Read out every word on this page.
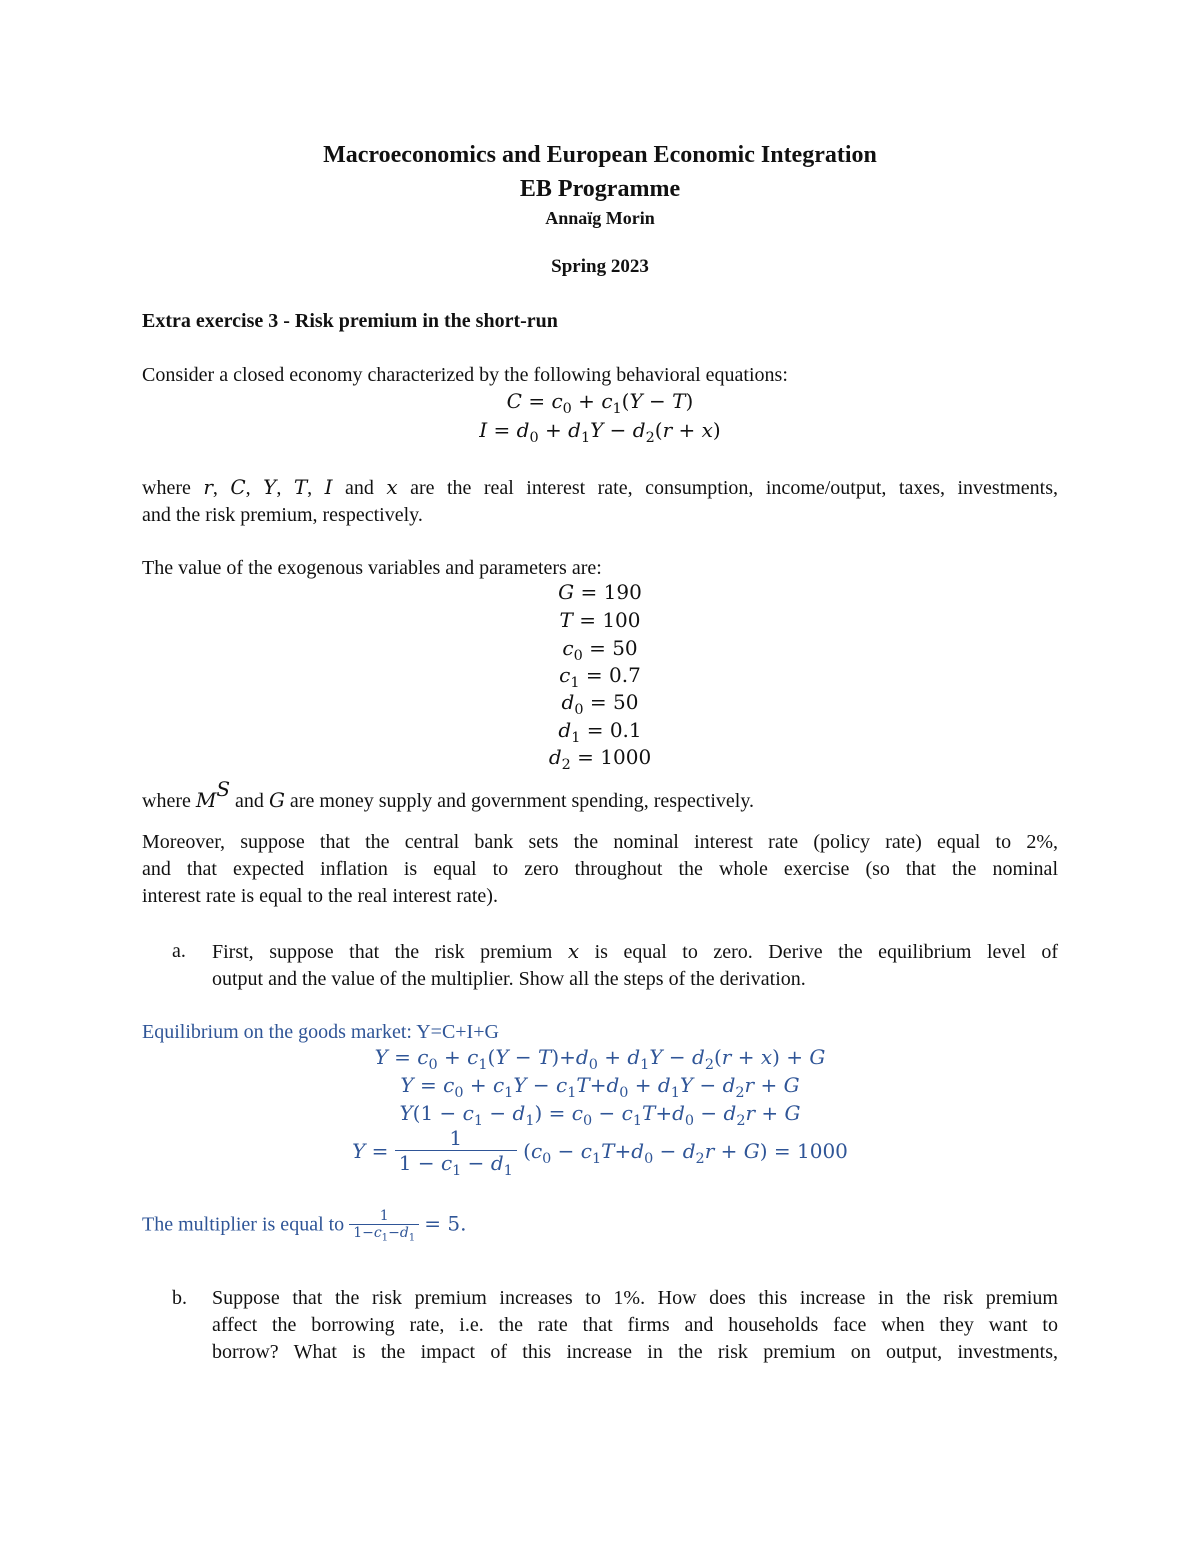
Macroeconomics and European Economic Integration
EB Programme
Annaïg Morin
Spring 2023
Extra exercise 3 - Risk premium in the short-run
Consider a closed economy characterized by the following behavioral equations:
$C = c_0 + c_1(Y - T)$
$I = d_0 + d_1Y - d_2(r + x)$
where r, C, Y, T, I and x are the real interest rate, consumption, income/output, taxes, investments,
and the risk premium, respectively.
The value of the exogenous variables and parameters are:
G = 190
T = 100
$c_0 = 50$
$c_1 = 0.7$
$d_0 = 50$
$d_1 = 0.1$
$d_2 = 1000$
where $M^S$ and G are money supply and government spending, respectively.
Moreover, suppose that the central bank sets the nominal interest rate (policy rate) equal to 2%,
and that expected inflation is equal to zero throughout the whole exercise (so that the nominal
interest rate is equal to the real interest rate).
a. First, suppose that the risk premium x is equal to zero. Derive the equilibrium level of
output and the value of the multiplier. Show all the steps of the derivation.
Equilibrium on the goods market: Y=C+I+G
$Y = c_0 + c_1(Y - T)+d_0 + d_1Y - d_2(r + x) + G$
$Y = c_0 + c_1Y - c_1T+d_0 + d_1Y - d_2r + G$
$Y(1 - c_1 - d_1) = c_0 - c_1T+d_0 - d_2r + G$
$Y = \frac{1}{1 - c_1 - d_1} (c_0 - c_1T+d_0 - d_2r + G) = 1000$
The multiplier is equal to $\frac{1}{1-c_1-d_1} = 5$.
b. Suppose that the risk premium increases to 1%. How does this increase in the risk premium
affect the borrowing rate, i.e. the rate that firms and households face when they want to
borrow? What is the impact of this increase in the risk premium on output, investments,
